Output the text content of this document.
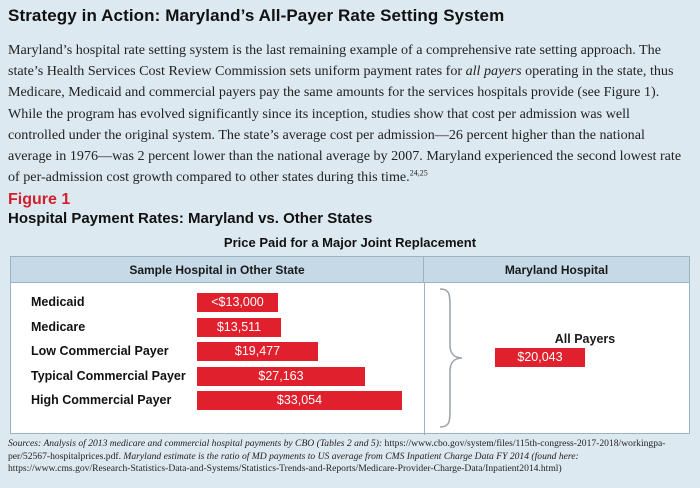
Strategy in Action: Maryland’s All-Payer Rate Setting System

Maryland’s hospital rate setting system is the last remaining example of a comprehensive rate setting approach. The state’s Health Services Cost Review Commission sets uniform payment rates for all payers operating in the state, thus Medicare, Medicaid and commercial payers pay the same amounts for the services hospitals provide (see Figure 1). While the program has evolved significantly since its inception, studies show that cost per admission was well controlled under the original system. The state’s average cost per admission—26 percent higher than the national average in 1976—was 2 percent lower than the national average by 2007. Maryland experienced the second lowest rate of per-admission cost growth compared to other states during this time.$^{24,25}$

Figure 1
Hospital Payment Rates: Maryland vs. Other States
Price Paid for a Major Joint Replacement
Sample Hospital in Other State	Maryland Hospital
All Payers
$20,043
Medicaid	<$13,000
Medicare	$13,511
Low Commercial Payer	$19,477
Typical Commercial Payer	$27,163
High Commercial Payer	$33,054
Sources: Analysis of 2013 medicare and commercial hospital payments by CBO (Tables 2 and 5): https://www.cbo.gov/system/files/115th-congress-2017-2018/workingpa-per/52567-hospitalprices.pdf. Maryland estimate is the ratio of MD payments to US average from CMS Inpatient Charge Data FY 2014 (found here: https://www.cms.gov/Research-Statistics-Data-and-Systems/Statistics-Trends-and-Reports/Medicare-Provider-Charge-Data/Inpatient2014.html)
